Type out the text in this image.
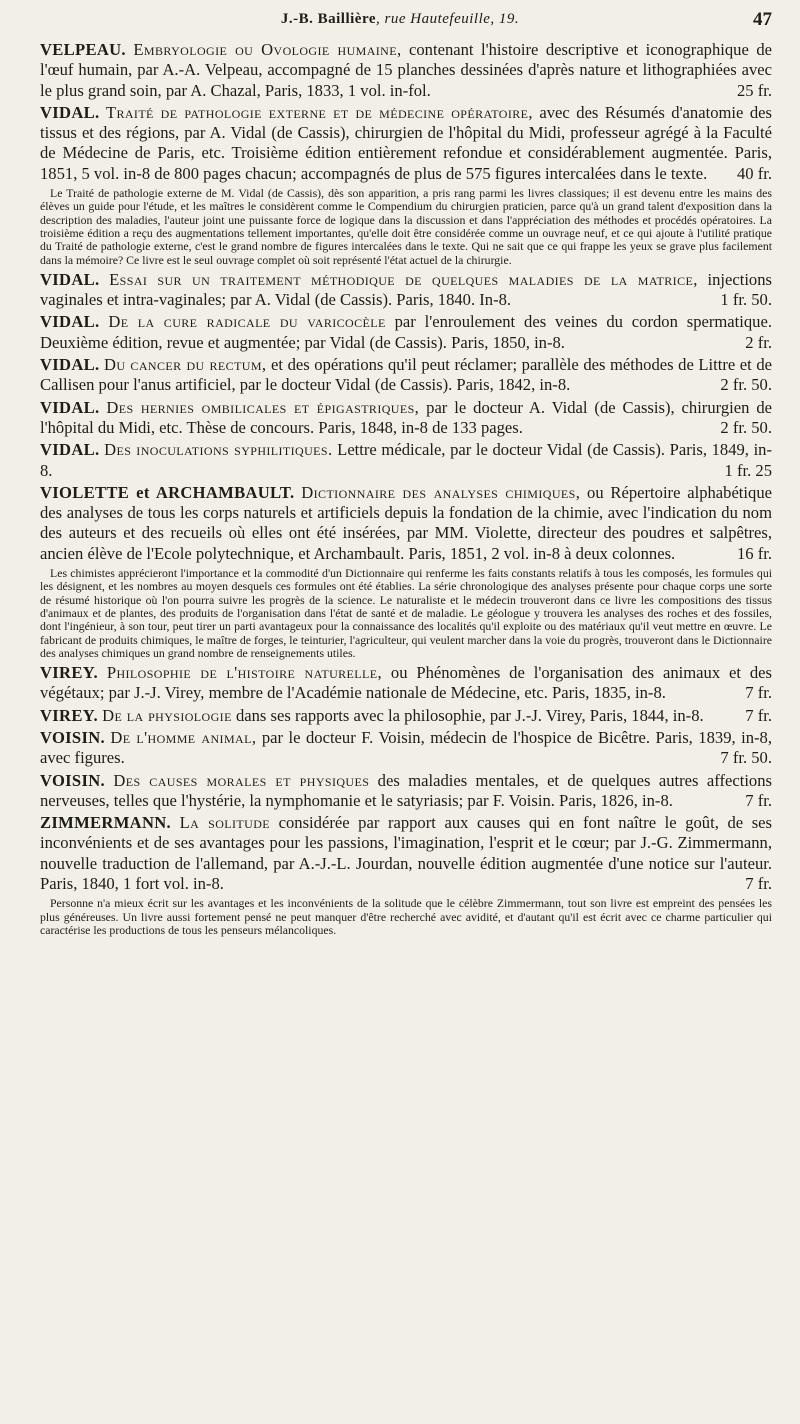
J.-B. Baillière, rue Hautefeuille, 19.	47
VELPEAU. Embryologie ou Ovologie humaine, contenant l'histoire descriptive et iconographique de l'œuf humain, par A.-A. Velpeau, accompagné de 15 planches dessinées d'après nature et lithographiées avec le plus grand soin, par A. Chazal, Paris, 1833, 1 vol. in-fol.	25 fr.
VIDAL. Traité de pathologie externe et de médecine opératoire, avec des Résumés d'anatomie des tissus et des régions, par A. Vidal (de Cassis), chirurgien de l'hôpital du Midi, professeur agrégé à la Faculté de Médecine de Paris, etc. Troisième édition entièrement refondue et considérablement augmentée. Paris, 1851, 5 vol. in-8 de 800 pages chacun; accompagnés de plus de 575 figures intercalées dans le texte.	40 fr.
Le Traité de pathologie externe de M. Vidal (de Cassis), dès son apparition, a pris rang parmi les livres classiques; il est devenu entre les mains des élèves un guide pour l'étude, et les maîtres le considèrent comme le Compendium du chirurgien praticien, parce qu'à un grand talent d'exposition dans la description des maladies, l'auteur joint une puissante force de logique dans la discussion et dans l'appréciation des méthodes et procédés opératoires. La troisième édition a reçu des augmentations tellement importantes, qu'elle doit être considérée comme un ouvrage neuf, et ce qui ajoute à l'utilité pratique du Traité de pathologie externe, c'est le grand nombre de figures intercalées dans le texte. Qui ne sait que ce qui frappe les yeux se grave plus facilement dans la mémoire? Ce livre est le seul ouvrage complet où soit représenté l'état actuel de la chirurgie.
VIDAL. Essai sur un traitement méthodique de quelques maladies de la matrice, injections vaginales et intra-vaginales; par A. Vidal (de Cassis). Paris, 1840. In-8.	1 fr. 50.
VIDAL. De la cure radicale du varicocèle par l'enroulement des veines du cordon spermatique. Deuxième édition, revue et augmentée; par Vidal (de Cassis). Paris, 1850, in-8.	2 fr.
VIDAL. Du cancer du rectum, et des opérations qu'il peut réclamer; parallèle des méthodes de Littre et de Callisen pour l'anus artificiel, par le docteur Vidal (de Cassis). Paris, 1842, in-8.	2 fr. 50.
VIDAL. Des hernies ombilicales et épigastriques, par le docteur A. Vidal (de Cassis), chirurgien de l'hôpital du Midi, etc. Thèse de concours. Paris, 1848, in-8 de 133 pages.	2 fr. 50.
VIDAL. Des inoculations syphilitiques. Lettre médicale, par le docteur Vidal (de Cassis). Paris, 1849, in-8.	1 fr. 25
VIOLETTE et ARCHAMBAULT. Dictionnaire des analyses chimiques, ou Répertoire alphabétique des analyses de tous les corps naturels et artificiels depuis la fondation de la chimie, avec l'indication du nom des auteurs et des recueils où elles ont été insérées, par MM. Violette, directeur des poudres et salpêtres, ancien élève de l'Ecole polytechnique, et Archambault. Paris, 1851, 2 vol. in-8 à deux colonnes.	16 fr.
Les chimistes apprécieront l'importance et la commodité d'un Dictionnaire qui renferme les faits constants relatifs à tous les composés, les formules qui les désignent, et les nombres au moyen desquels ces formules ont été établies. La série chronologique des analyses présente pour chaque corps une sorte de résumé historique où l'on pourra suivre les progrès de la science. Le naturaliste et le médecin trouveront dans ce livre les compositions des tissus d'animaux et de plantes, des produits de l'organisation dans l'état de santé et de maladie. Le géologue y trouvera les analyses des roches et des fossiles, dont l'ingénieur, à son tour, peut tirer un parti avantageux pour la connaissance des localités qu'il exploite ou des matériaux qu'il veut mettre en œuvre. Le fabricant de produits chimiques, le maître de forges, le teinturier, l'agriculteur, qui veulent marcher dans la voie du progrès, trouveront dans le Dictionnaire des analyses chimiques un grand nombre de renseignements utiles.
VIREY. Philosophie de l'histoire naturelle, ou Phénomènes de l'organisation des animaux et des végétaux; par J.-J. Virey, membre de l'Académie nationale de Médecine, etc. Paris, 1835, in-8.	7 fr.
VIREY. De la physiologie dans ses rapports avec la philosophie, par J.-J. Virey, Paris, 1844, in-8.	7 fr.
VOISIN. De l'homme animal, par le docteur F. Voisin, médecin de l'hospice de Bicêtre. Paris, 1839, in-8, avec figures.	7 fr. 50.
VOISIN. Des causes morales et physiques des maladies mentales, et de quelques autres affections nerveuses, telles que l'hystérie, la nymphomanie et le satyriasis; par F. Voisin. Paris, 1826, in-8.	7 fr.
ZIMMERMANN. La solitude considérée par rapport aux causes qui en font naître le goût, de ses inconvénients et de ses avantages pour les passions, l'imagination, l'esprit et le cœur; par J.-G. Zimmermann, nouvelle traduction de l'allemand, par A.-J.-L. Jourdan, nouvelle édition augmentée d'une notice sur l'auteur. Paris, 1840, 1 fort vol. in-8.	7 fr.
Personne n'a mieux écrit sur les avantages et les inconvénients de la solitude que le célèbre Zimmermann, tout son livre est empreint des pensées les plus généreuses. Un livre aussi fortement pensé ne peut manquer d'être recherché avec avidité, et d'autant qu'il est écrit avec ce charme particulier qui caractérise les productions de tous les penseurs mélancoliques.
